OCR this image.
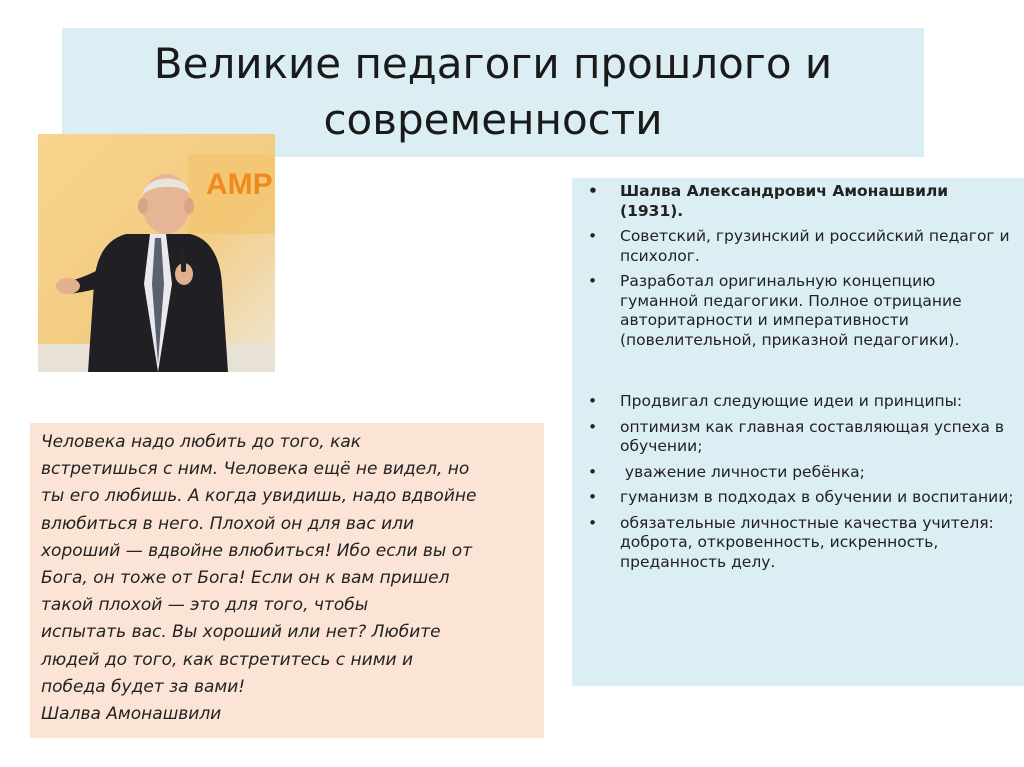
Великие педагоги прошлого и
современности
AMP
•	Шалва Александрович Амонашвили (1931).
• Советский, грузинский и российский педагог и психолог.
• Разработал оригинальную концепцию гуманной педагогики. Полное отрицание авторитарности и императивности (повелительной, приказной педагогики).
• Продвигал следующие идеи и принципы:
• оптимизм как главная составляющая успеха в обучении;
•  уважение личности ребёнка;
• гуманизм в подходах в обучении и воспитании;
• обязательные личностные качества учителя: доброта, откровенность, искренность, преданность делу.
Человека надо любить до того, как
встретишься с ним. Человека ещё не видел, но
ты его любишь. А когда увидишь, надо вдвойне
влюбиться в него. Плохой он для вас или
хороший — вдвойне влюбиться! Ибо если вы от
Бога, он тоже от Бога! Если он к вам пришел
такой плохой — это для того, чтобы
испытать вас. Вы хороший или нет? Любите
людей до того, как встретитесь с ними и
победа будет за вами!
Шалва Амонашвили
